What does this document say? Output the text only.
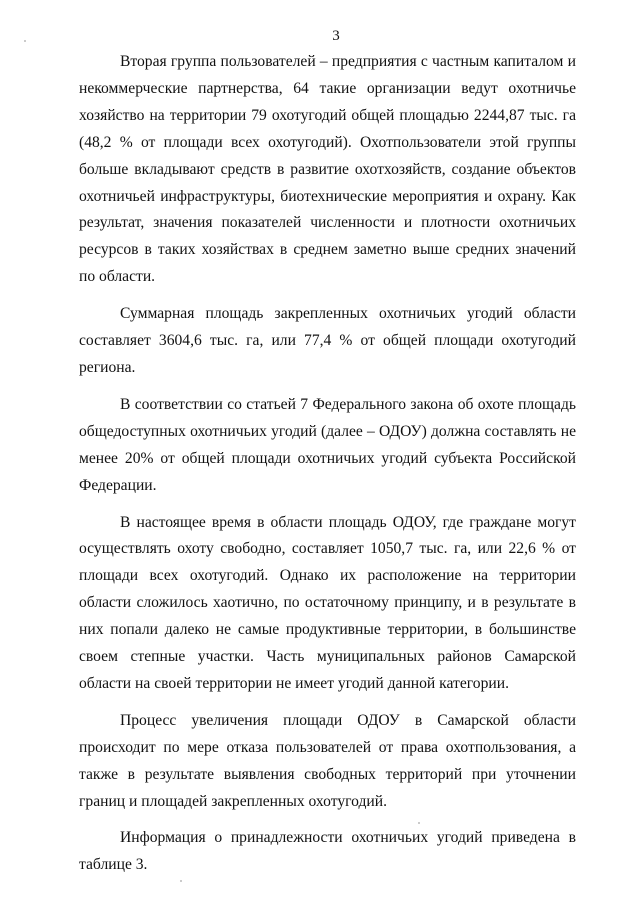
3

Вторая группа пользователей – предприятия с частным капиталом и некоммерческие партнерства, 64 такие организации ведут охотничье хозяйство на территории 79 охотугодий общей площадью 2244,87 тыс. га (48,2 % от площади всех охотугодий). Охотпользователи этой группы больше вкладывают средств в развитие охотхозяйств, создание объектов охотничьей инфраструктуры, биотехнические мероприятия и охрану. Как результат, значения показателей численности и плотности охотничьих ресурсов в таких хозяйствах в среднем заметно выше средних значений по области.

Суммарная площадь закрепленных охотничьих угодий области составляет 3604,6 тыс. га, или 77,4 % от общей площади охотугодий региона.

В соответствии со статьей 7 Федерального закона об охоте площадь общедоступных охотничьих угодий (далее – ОДОУ) должна составлять не менее 20% от общей площади охотничьих угодий субъекта Российской Федерации.

В настоящее время в области площадь ОДОУ, где граждане могут осуществлять охоту свободно, составляет 1050,7 тыс. га, или 22,6 % от площади всех охотугодий. Однако их расположение на территории области сложилось хаотично, по остаточному принципу, и в результате в них попали далеко не самые продуктивные территории, в большинстве своем степные участки. Часть муниципальных районов Самарской области на своей территории не имеет угодий данной категории.

Процесс увеличения площади ОДОУ в Самарской области происходит по мере отказа пользователей от права охотпользования, а также в результате выявления свободных территорий при уточнении границ и площадей закрепленных охотугодий.

Информация о принадлежности охотничьих угодий приведена в таблице 3.
